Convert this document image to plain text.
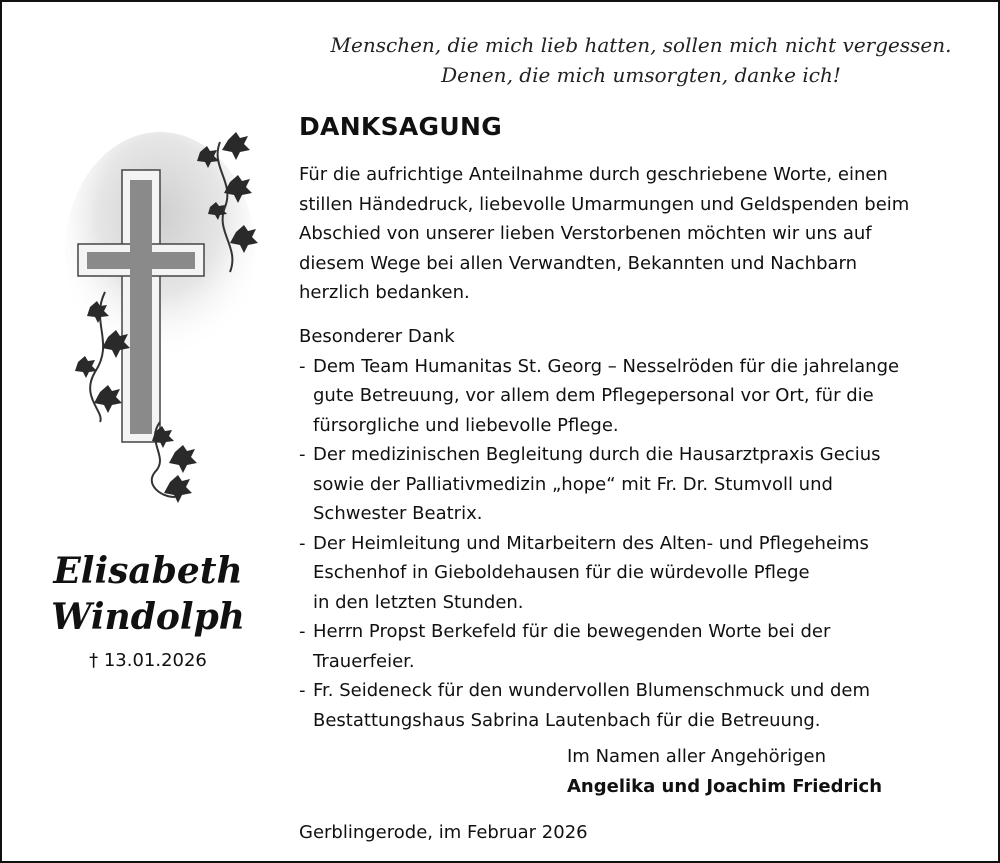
Menschen, die mich lieb hatten, sollen mich nicht vergessen.
Denen, die mich umsorgten, danke ich!
Elisabeth
Windolph
† 13.01.2026
DANKSAGUNG
Für die aufrichtige Anteilnahme durch geschriebene Worte, einen
stillen Händedruck, liebevolle Umarmungen und Geldspenden beim
Abschied von unserer lieben Verstorbenen möchten wir uns auf
diesem Wege bei allen Verwandten, Bekannten und Nachbarn
herzlich bedanken.
Besonderer Dank
- Dem Team Humanitas St. Georg – Nesselröden für die jahrelange
gute Betreuung, vor allem dem Pflegepersonal vor Ort, für die
fürsorgliche und liebevolle Pflege.
- Der medizinischen Begleitung durch die Hausarztpraxis Gecius
sowie der Palliativmedizin „hope“ mit Fr. Dr. Stumvoll und
Schwester Beatrix.
- Der Heimleitung und Mitarbeitern des Alten- und Pflegeheims
Eschenhof in Gieboldehausen für die würdevolle Pflege
in den letzten Stunden.
- Herrn Propst Berkefeld für die bewegenden Worte bei der
Trauerfeier.
- Fr. Seideneck für den wundervollen Blumenschmuck und dem
Bestattungshaus Sabrina Lautenbach für die Betreuung.
Im Namen aller Angehörigen
Angelika und Joachim Friedrich
Gerblingerode, im Februar 2026
